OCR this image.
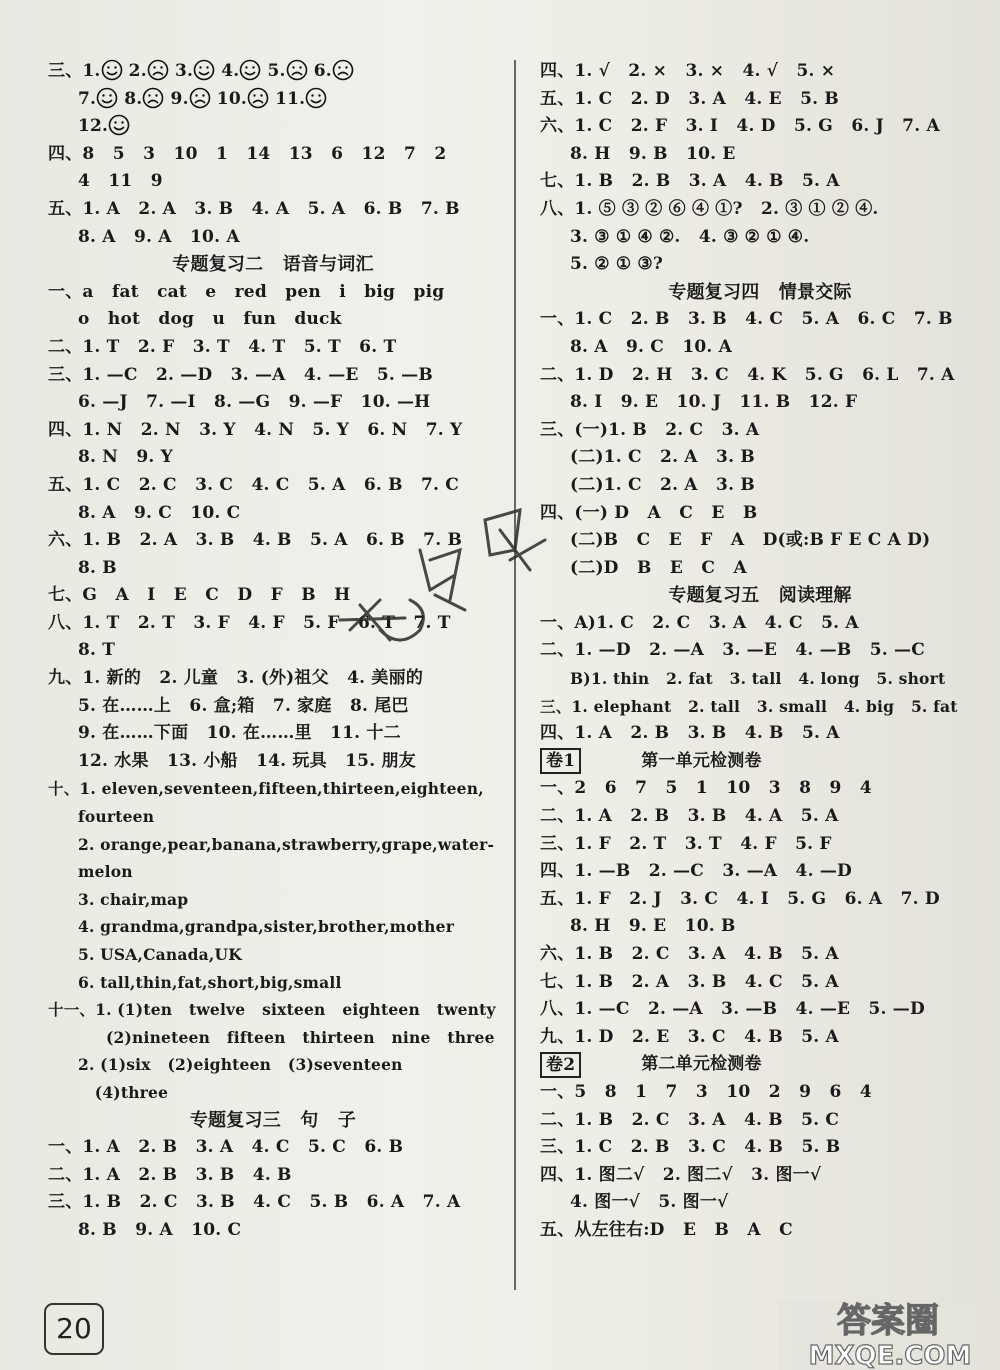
三、1. 2. 3. 4. 5. 6.
7. 8. 9. 10. 11.
12.
四、8   5   3   10   1   14   13   6   12   7   2
4   11   9
五、1. A   2. A   3. B   4. A   5. A   6. B   7. B
8. A   9. A   10. A
专题复习二   语音与词汇
一、a   fat   cat   e   red   pen   i   big   pig
o   hot   dog   u   fun   duck
二、1. T   2. F   3. T   4. T   5. T   6. T
三、1. —C   2. —D   3. —A   4. —E   5. —B
6. —J   7. —I   8. —G   9. —F   10. —H
四、1. N   2. N   3. Y   4. N   5. Y   6. N   7. Y
8. N   9. Y
五、1. C   2. C   3. C   4. C   5. A   6. B   7. C
8. A   9. C   10. C
六、1. B   2. A   3. B   4. B   5. A   6. B   7. B
8. B
七、G   A   I   E   C   D   F   B   H
八、1. T   2. T   3. F   4. F   5. F   6. T   7. T
8. T
九、1. 新的   2. 儿童   3. (外)祖父   4. 美丽的
5. 在……上   6. 盒;箱   7. 家庭   8. 尾巴
9. 在……下面   10. 在……里   11. 十二
12. 水果   13. 小船   14. 玩具   15. 朋友
十、1. eleven,seventeen,fifteen,thirteen,eighteen,
fourteen
2. orange,pear,banana,strawberry,grape,water-
melon
3. chair,map
4. grandma,grandpa,sister,brother,mother
5. USA,Canada,UK
6. tall,thin,fat,short,big,small
十一、1. (1)ten   twelve   sixteen   eighteen   twenty
(2)nineteen   fifteen   thirteen   nine   three
2. (1)six   (2)eighteen   (3)seventeen
(4)three
专题复习三   句   子
一、1. A   2. B   3. A   4. C   5. C   6. B
二、1. A   2. B   3. B   4. B
三、1. B   2. C   3. B   4. C   5. B   6. A   7. A
8. B   9. A   10. C
四、1. √   2. ×   3. ×   4. √   5. ×
五、1. C   2. D   3. A   4. E   5. B
六、1. C   2. F   3. I   4. D   5. G   6. J   7. A
8. H   9. B   10. E
七、1. B   2. B   3. A   4. B   5. A
八、1. ⑤ ③ ② ⑥ ④ ①?   2. ③ ① ② ④.
3. ③ ① ④ ②.   4. ③ ② ① ④.
5. ② ① ③?
专题复习四   情景交际
一、1. C   2. B   3. B   4. C   5. A   6. C   7. B
8. A   9. C   10. A
二、1. D   2. H   3. C   4. K   5. G   6. L   7. A
8. I   9. E   10. J   11. B   12. F
三、(一)1. B   2. C   3. A
(二)1. C   2. A   3. B
(二)1. C   2. A   3. B
四、(一) D   A   C   E   B
(二)B   C   E   F   A   D(或:B F E C A D)
(二)D   B   E   C   A
专题复习五   阅读理解
一、A)1. C   2. C   3. A   4. C   5. A
二、1. —D   2. —A   3. —E   4. —B   5. —C
B)1. thin   2. fat   3. tall   4. long   5. short
三、1. elephant   2. tall   3. small   4. big   5. fat
四、1. A   2. B   3. B   4. B   5. A
卷1	第一单元检测卷
一、2   6   7   5   1   10   3   8   9   4
二、1. A   2. B   3. B   4. A   5. A
三、1. F   2. T   3. T   4. F   5. F
四、1. —B   2. —C   3. —A   4. —D
五、1. F   2. J   3. C   4. I   5. G   6. A   7. D
8. H   9. E   10. B
六、1. B   2. C   3. A   4. B   5. A
七、1. B   2. A   3. B   4. C   5. A
八、1. —C   2. —A   3. —B   4. —E   5. —D
九、1. D   2. E   3. C   4. B   5. A
卷2	第二单元检测卷
一、5   8   1   7   3   10   2   9   6   4
二、1. B   2. C   3. A   4. B   5. C
三、1. C   2. B   3. C   4. B   5. B
四、1. 图二√   2. 图二√   3. 图一√
4. 图一√   5. 图一√
五、从左往右:D   E   B   A   C
20	答案圈
MXQE.COM
